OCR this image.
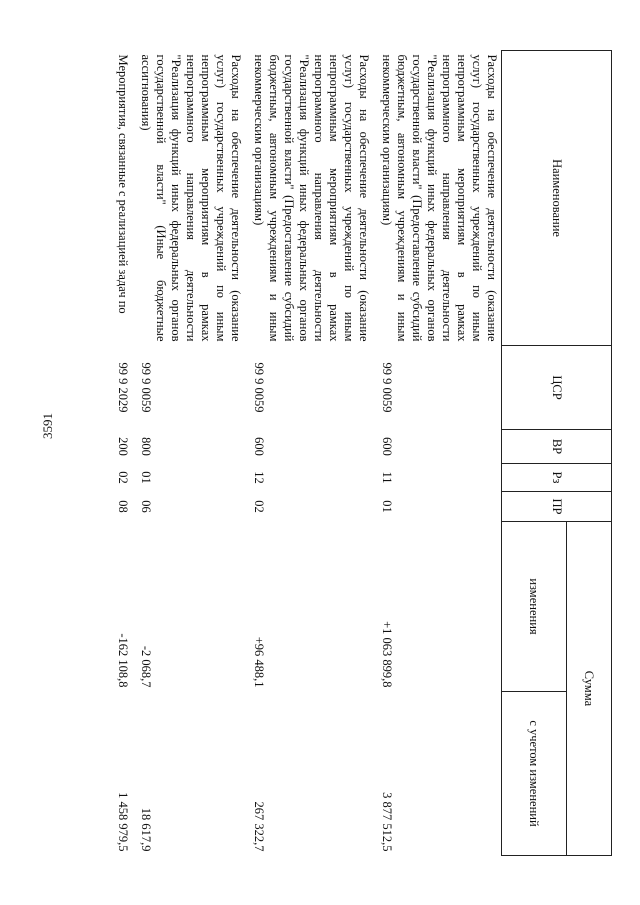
3591
Наименование	ЦСР	ВР	Рз	ПР	Сумма	
					изменения	с учетом изменений
Расходы на обеспечение деятельности (оказание услуг) государственных учреждений по иным непрограммным мероприятиям в рамках непрограммного направления деятельности "Реализация функций иных федеральных органов государственной власти" (Предоставление субсидий бюджетным, автономным учреждениям и иным некоммерческим организациям)	99 9 0059	600	11	01	+1 063 899,8	3 877 512,5
Расходы на обеспечение деятельности (оказание услуг) государственных учреждений по иным непрограммным мероприятиям в рамках непрограммного направления деятельности "Реализация функций иных федеральных органов государственной власти" (Предоставление субсидий бюджетным, автономным учреждениям и иным некоммерческим организациям)	99 9 0059	600	12	02	+96 488,1	267 322,7
Расходы на обеспечение деятельности (оказание услуг) государственных учреждений по иным непрограммным мероприятиям в рамках непрограммного направления деятельности "Реализация функций иных федеральных органов государственной власти" (Иные бюджетные ассигнования)	99 9 0059	800	01	06	-2 068,7	18 617,9
Мероприятия, связанные с реализацией задач по	99 9 2029	200	02	08	-162 108,8	1 458 979,5
